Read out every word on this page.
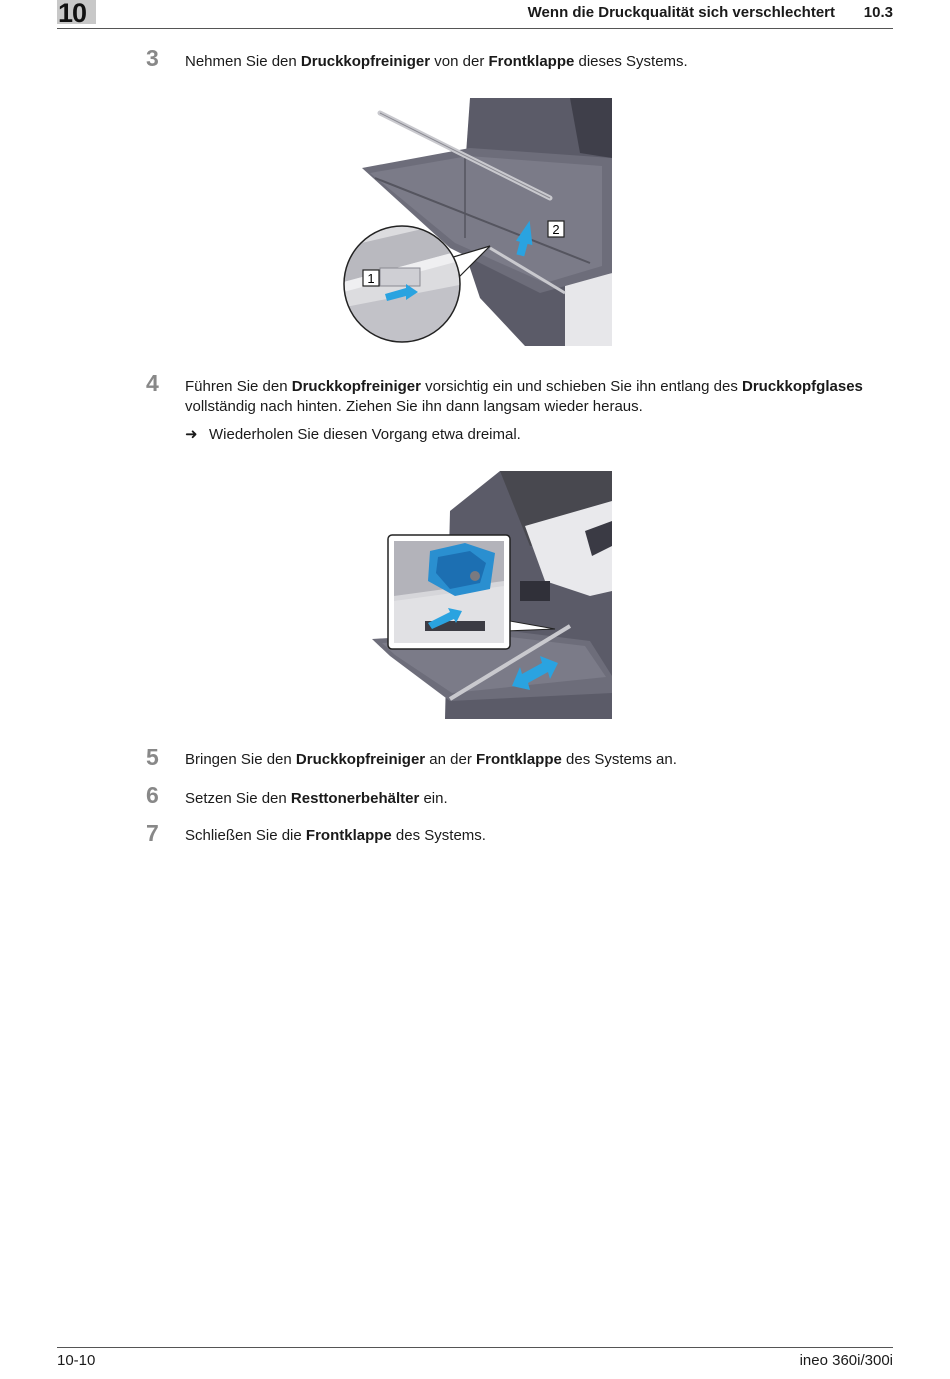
10	Wenn die Druckqualität sich verschlechtert 10.3
3 Nehmen Sie den Druckkopfreiniger von der Frontklappe dieses Systems.
2
1
4 Führen Sie den Druckkopfreiniger vorsichtig ein und schieben Sie ihn entlang des Druckkopfglases vollständig nach hinten. Ziehen Sie ihn dann langsam wieder heraus.
➜ Wiederholen Sie diesen Vorgang etwa dreimal.
5 Bringen Sie den Druckkopfreiniger an der Frontklappe des Systems an.
6 Setzen Sie den Resttonerbehälter ein.
7 Schließen Sie die Frontklappe des Systems.
10-10	ineo 360i/300i
